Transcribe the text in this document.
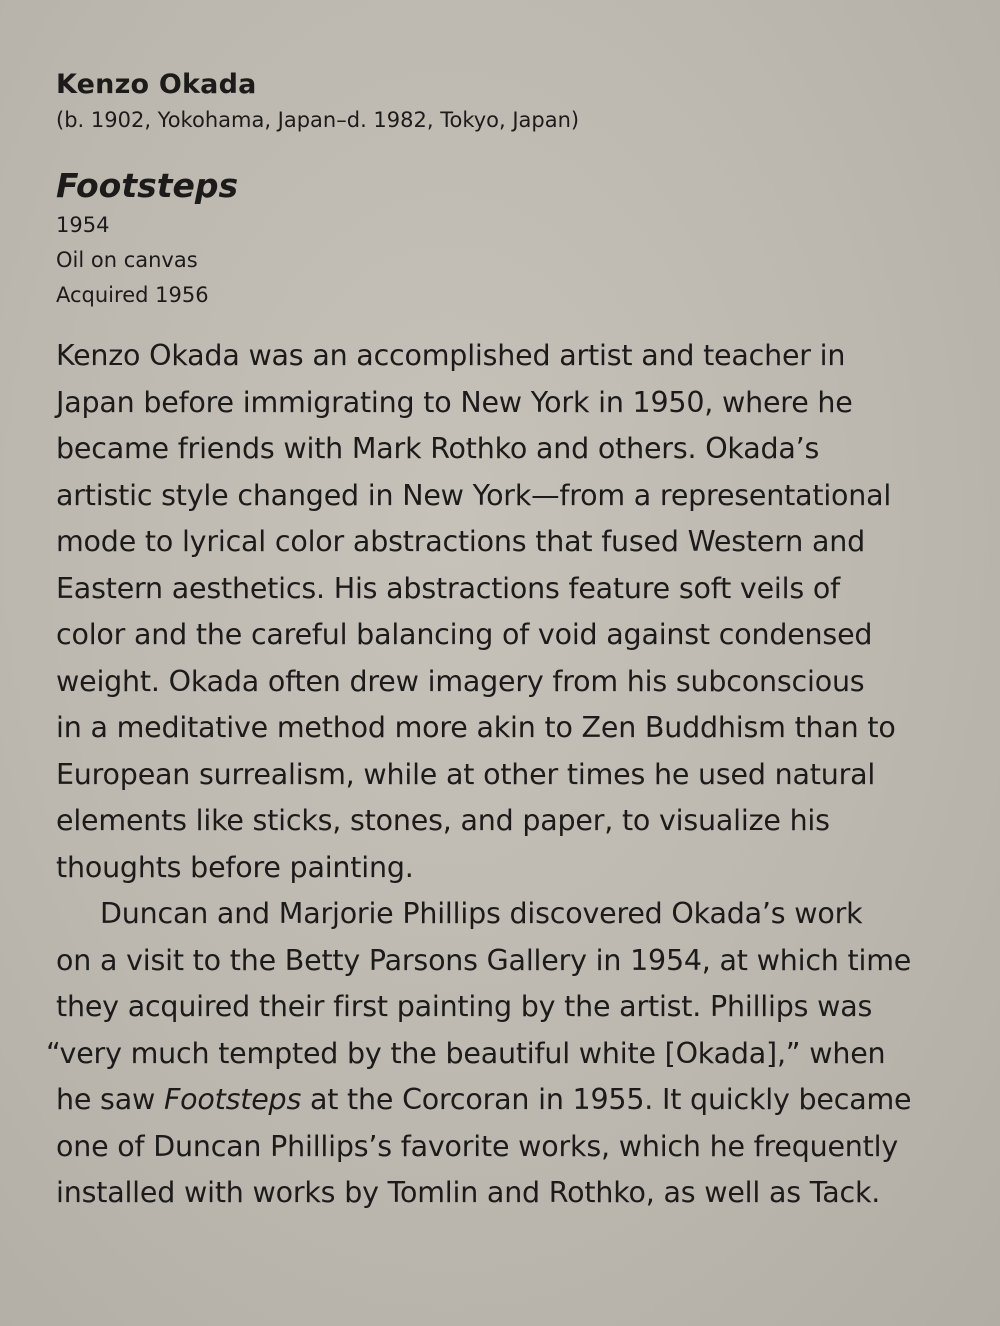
Kenzo Okada

(b. 1902, Yokohama, Japan–d. 1982, Tokyo, Japan)

Footsteps
1954
Oil on canvas
Acquired 1956
Kenzo Okada was an accomplished artist and teacher in
Japan before immigrating to New York in 1950, where he
became friends with Mark Rothko and others. Okada’s
artistic style changed in New York—from a representational
mode to lyrical color abstractions that fused Western and
Eastern aesthetics. His abstractions feature soft veils of
color and the careful balancing of void against condensed
weight. Okada often drew imagery from his subconscious
in a meditative method more akin to Zen Buddhism than to
European surrealism, while at other times he used natural
elements like sticks, stones, and paper, to visualize his
thoughts before painting.
Duncan and Marjorie Phillips discovered Okada’s work
on a visit to the Betty Parsons Gallery in 1954, at which time
they acquired their first painting by the artist. Phillips was
“very much tempted by the beautiful white [Okada],” when
he saw Footsteps at the Corcoran in 1955. It quickly became
one of Duncan Phillips’s favorite works, which he frequently
installed with works by Tomlin and Rothko, as well as Tack.
